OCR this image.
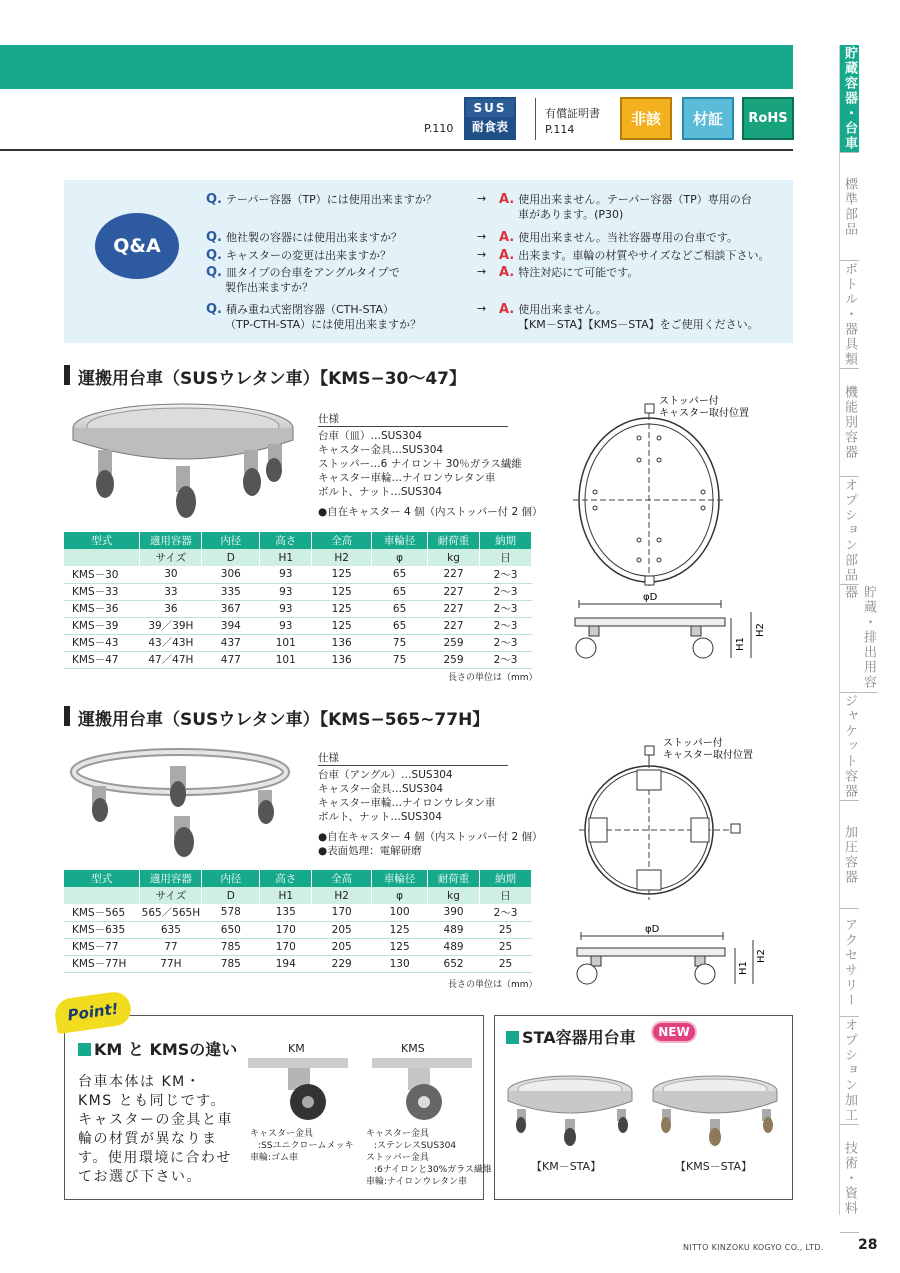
P.110
SUS
耐食表
有償証明書
P.114
非該	材証	RoHS	貯蔵容器・台車
標準部品
ボトル・器具類
機能別容器
オプション部品
貯蔵・排出用容器
ジャケット容器
加圧容器
アクセサリー
オプション加工
技術・資料
Q&A
Q. テーパー容器（TP）には使用出来ますか？	→ A. 使用出来ません。テーパー容器（TP）専用の台
車があります。(P30)
Q. 他社製の容器には使用出来ますか？	→ A. 使用出来ません。当社容器専用の台車です。
Q. キャスターの変更は出来ますか？	→ A. 出来ます。車輪の材質やサイズなどご相談下さい。
Q. 皿タイプの台車をアングルタイプで
製作出来ますか？
→ A. 特注対応にて可能です。
Q. 積み重ね式密閉容器（CTH-STA）
（TP-CTH-STA）には使用出来ますか？
→ A. 使用出来ません。
【KM－STA】【KMS－STA】をご使用ください。
運搬用台車（SUSウレタン車）【KMS−30～47】
仕様
台車（皿）…SUS304
キャスター金具…SUS304
ストッパー…6 ナイロン＋ 30％ガラス繊維
キャスター車輪…ナイロンウレタン車
ボルト、ナット…SUS304
●自在キャスター 4 個（内ストッパー付 2 個）
ストッパー付
キャスター取付位置
φD
H1
H2
型式	適用容器	内径	高さ	全高	車輪径	耐荷重	納期
	サイズ	D	H1	H2	φ	kg	日
KMS－30	30	306	93	125	65	227	2～3
KMS－33	33	335	93	125	65	227	2～3
KMS－36	36	367	93	125	65	227	2～3
KMS－39	39／39H	394	93	125	65	227	2～3
KMS－43	43／43H	437	101	136	75	259	2～3
KMS－47	47／47H	477	101	136	75	259	2～3
長さの単位は（mm）
運搬用台車（SUSウレタン車）【KMS−565~77H】
仕様
台車（アングル）…SUS304
キャスター金具…SUS304
キャスター車輪…ナイロンウレタン車
ボルト、ナット…SUS304
●自在キャスター 4 個（内ストッパー付 2 個）
●表面処理：電解研磨
ストッパー付
キャスター取付位置
φD
H1
H2
型式	適用容器	内径	高さ	全高	車輪径	耐荷重	納期
	サイズ	D	H1	H2	φ	kg	日
KMS－565	565／565H	578	135	170	100	390	2～3
KMS－635	635	650	170	205	125	489	25
KMS－77	77	785	170	205	125	489	25
KMS－77H	77H	785	194	229	130	652	25
長さの単位は（mm）
Point!
KM と KMSの違い	KM	KMS
台車本体は KM・KMS とも同じです。キャスターの金具と車輪の材質が異なります。使用環境に合わせてお選び下さい。
キャスター金具
:SSユニクロームメッキ
車輪:ゴム車
キャスター金具
:ステンレスSUS304
ストッパー金具
:6ナイロンと30%ガラス繊維
車輪:ナイロンウレタン車
STA容器用台車	NEW
【KM－STA】	【KMS－STA】
NITTO KINZOKU KOGYO CO., LTD. 28
